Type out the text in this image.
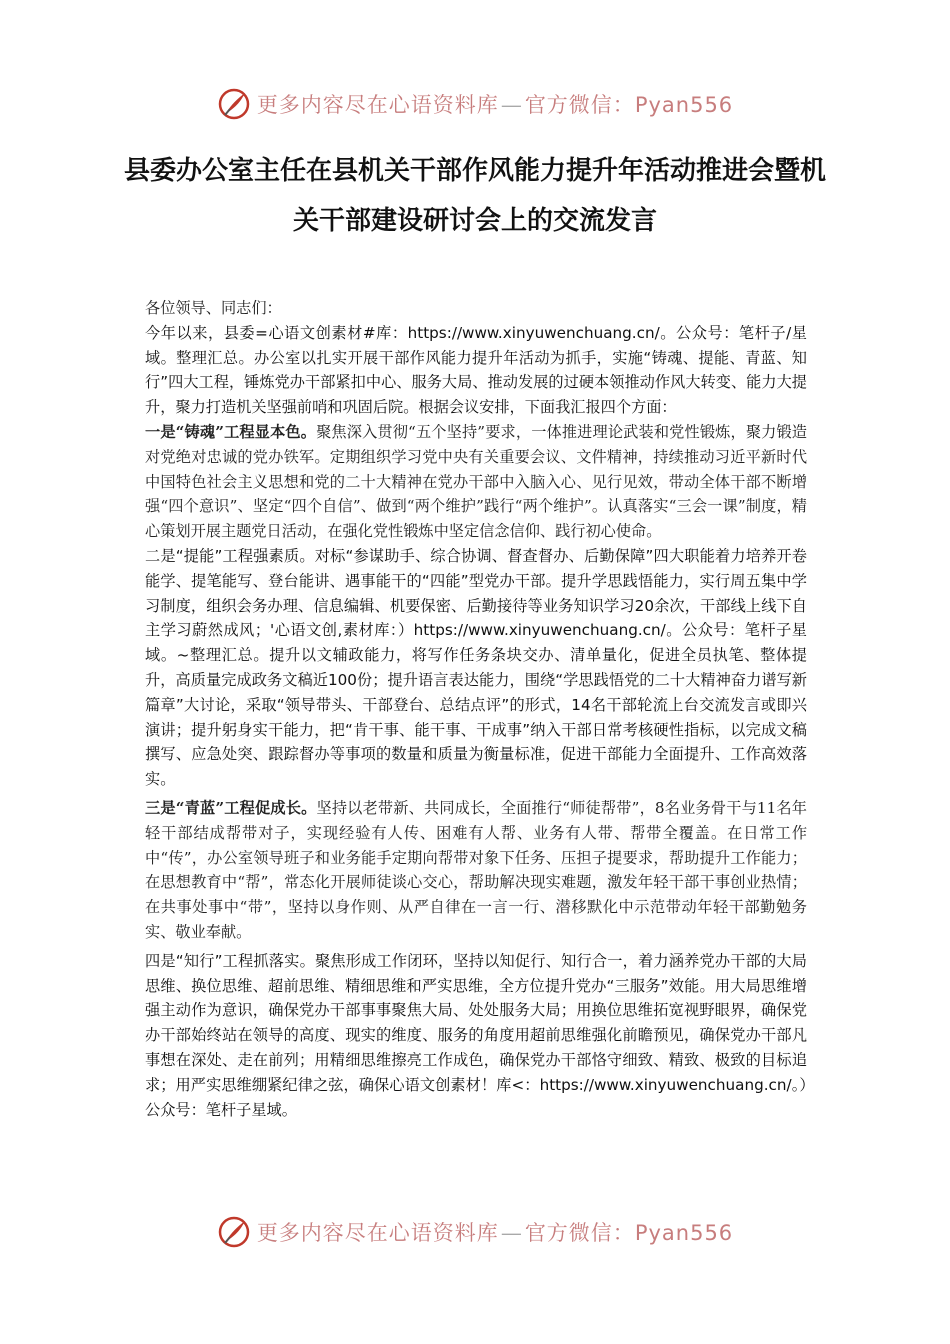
更多内容尽在心语资料库—官方微信：Pyan556
县委办公室主任在县机关干部作风能力提升年活动推进会暨机关干部建设研讨会上的交流发言

各位领导、同志们：

今年以来，县委=心语文创素材#库：https://www.xinyuwenchuang.cn/。公众号：笔杆子/星域。整理汇总。办公室以扎实开展干部作风能力提升年活动为抓手，实施“铸魂、提能、青蓝、知行”四大工程，锤炼党办干部紧扣中心、服务大局、推动发展的过硬本领推动作风大转变、能力大提升，聚力打造机关坚强前哨和巩固后院。根据会议安排，下面我汇报四个方面：

一是“铸魂”工程显本色。聚焦深入贯彻“五个坚持”要求，一体推进理论武装和党性锻炼，聚力锻造对党绝对忠诚的党办铁军。定期组织学习党中央有关重要会议、文件精神，持续推动习近平新时代中国特色社会主义思想和党的二十大精神在党办干部中入脑入心、见行见效，带动全体干部不断增强“四个意识”、坚定“四个自信”、做到“两个维护”践行“两个维护”。认真落实“三会一课”制度，精心策划开展主题党日活动，在强化党性锻炼中坚定信念信仰、践行初心使命。

二是“提能”工程强素质。对标“参谋助手、综合协调、督查督办、后勤保障”四大职能着力培养开卷能学、提笔能写、登台能讲、遇事能干的“四能”型党办干部。提升学思践悟能力，实行周五集中学习制度，组织会务办理、信息编辑、机要保密、后勤接待等业务知识学习20余次，干部线上线下自主学习蔚然成风；'心语文创,素材库：）https://www.xinyuwenchuang.cn/。公众号：笔杆子星域。~整理汇总。提升以文辅政能力，将写作任务条块交办、清单量化，促进全员执笔、整体提升，高质量完成政务文稿近100份；提升语言表达能力，围绕“学思践悟党的二十大精神奋力谱写新篇章”大讨论，采取“领导带头、干部登台、总结点评”的形式，14名干部轮流上台交流发言或即兴演讲；提升躬身实干能力，把“肯干事、能干事、干成事”纳入干部日常考核硬性指标，以完成文稿撰写、应急处突、跟踪督办等事项的数量和质量为衡量标准，促进干部能力全面提升、工作高效落实。

三是“青蓝”工程促成长。坚持以老带新、共同成长，全面推行“师徒帮带”，8名业务骨干与11名年轻干部结成帮带对子，实现经验有人传、困难有人帮、业务有人带、帮带全覆盖。在日常工作中“传”，办公室领导班子和业务能手定期向帮带对象下任务、压担子提要求，帮助提升工作能力；在思想教育中“帮”，常态化开展师徒谈心交心，帮助解决现实难题，激发年轻干部干事创业热情；在共事处事中“带”，坚持以身作则、从严自律在一言一行、潜移默化中示范带动年轻干部勤勉务实、敬业奉献。

四是“知行”工程抓落实。聚焦形成工作闭环，坚持以知促行、知行合一，着力涵养党办干部的大局思维、换位思维、超前思维、精细思维和严实思维，全方位提升党办“三服务”效能。用大局思维增强主动作为意识，确保党办干部事事聚焦大局、处处服务大局；用换位思维拓宽视野眼界，确保党办干部始终站在领导的高度、现实的维度、服务的角度用超前思维强化前瞻预见，确保党办干部凡事想在深处、走在前列；用精细思维擦亮工作成色，确保党办干部恪守细致、精致、极致的目标追求；用严实思维绷紧纪律之弦，确保心语文创素材！库<：https://www.xinyuwenchuang.cn/。）公众号：笔杆子星域。

更多内容尽在心语资料库—官方微信：Pyan556
